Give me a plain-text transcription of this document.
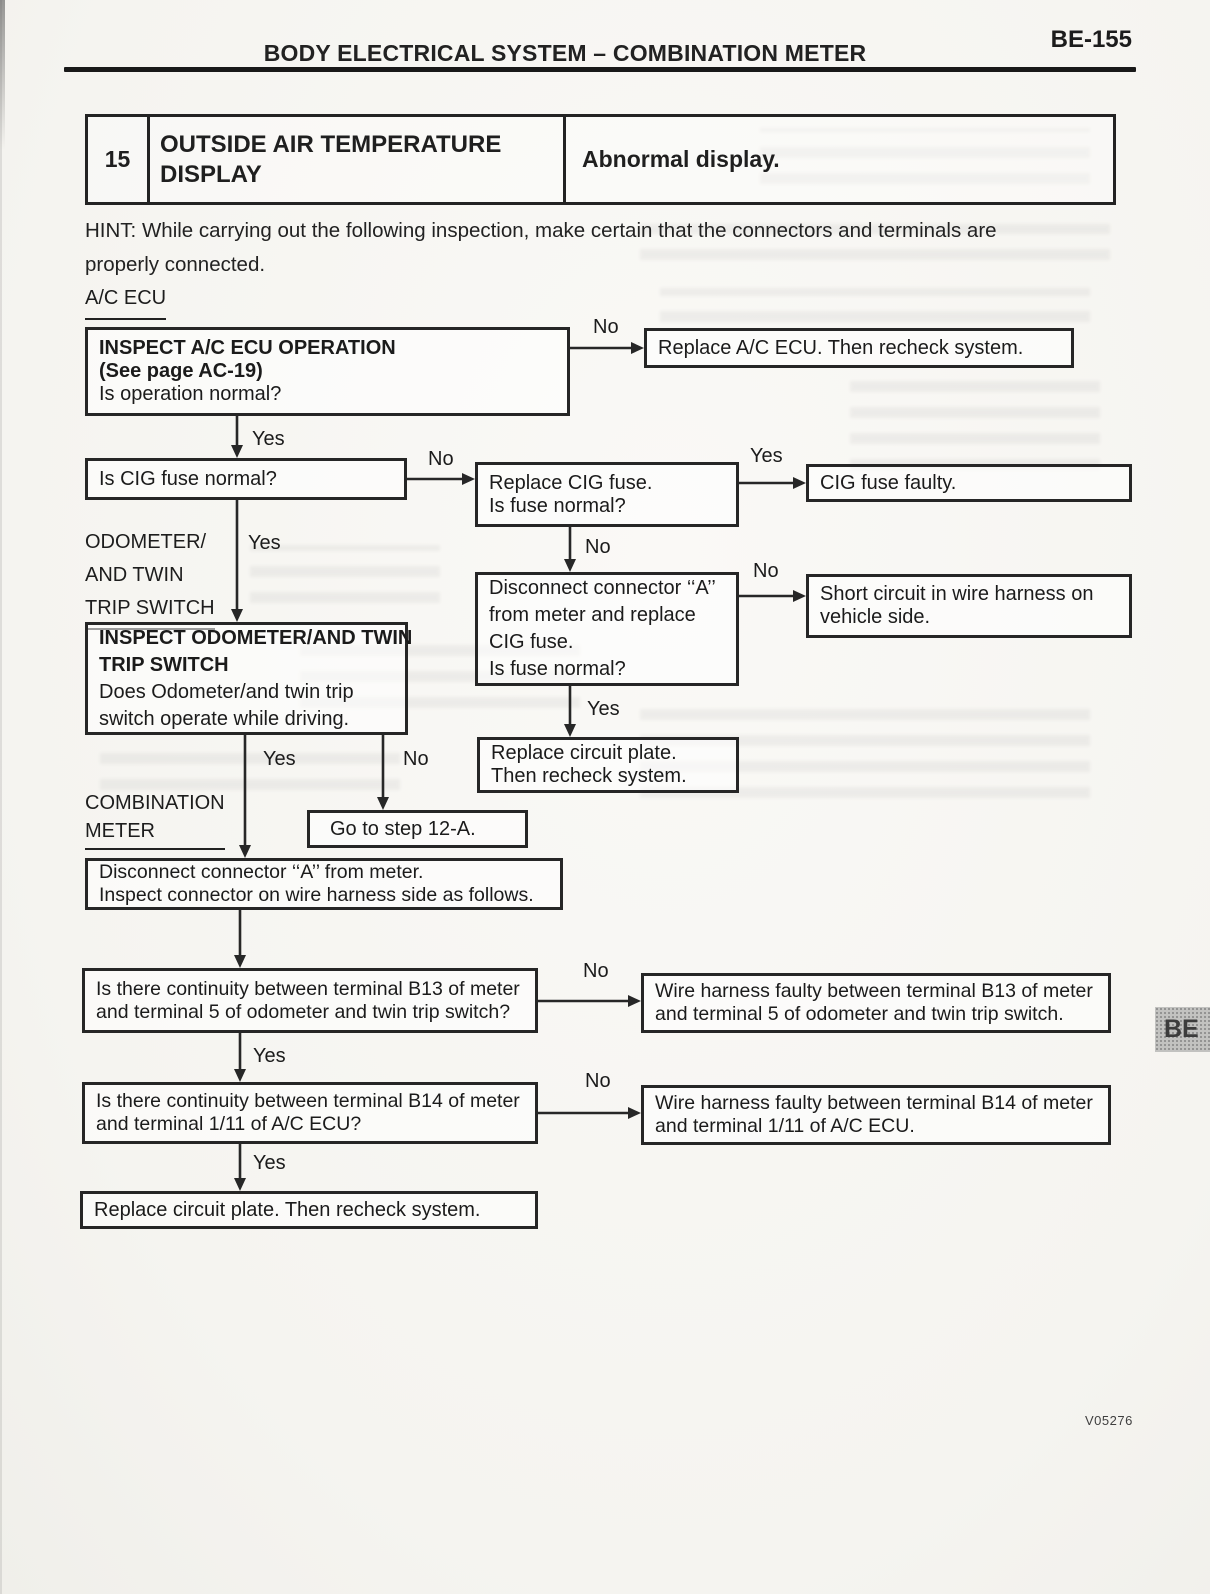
BODY ELECTRICAL SYSTEM – COMBINATION METER	BE-155
15
OUTSIDE AIR TEMPERATURE DISPLAY
Abnormal display.
HINT: While carrying out the following inspection, make certain that the connectors and terminals are
properly connected.
A/C ECU
ODOMETER/
AND TWIN
TRIP SWITCH
COMBINATION
METER
No
Yes
No	Yes
Yes	No
No
Yes
Yes	No
No
Yes
No
Yes
INSPECT A/C ECU OPERATION
(See page AC-19)
Is operation normal?
Replace A/C ECU. Then recheck system.
Is CIG fuse normal?	Replace CIG fuse.
Is fuse normal?
CIG fuse faulty.
Disconnect connector ‘‘A’’
from meter and replace
CIG fuse.
Is fuse normal?
Short circuit in wire harness on
vehicle side.
INSPECT ODOMETER/AND TWIN
TRIP SWITCH
Does Odometer/and twin trip
switch operate while driving.
Replace circuit plate.
Then recheck system.
Go to step 12-A.
Disconnect connector ‘‘A’’ from meter.
Inspect connector on wire harness side as follows.
Is there continuity between terminal B13 of meter
and terminal 5 of odometer and twin trip switch?
Wire harness faulty between terminal B13 of meter
and terminal 5 of odometer and twin trip switch.
Is there continuity between terminal B14 of meter
and terminal 1/11 of A/C ECU?
Wire harness faulty between terminal B14 of meter
and terminal 1/11 of A/C ECU.
Replace circuit plate. Then recheck system.
BE
V05276
